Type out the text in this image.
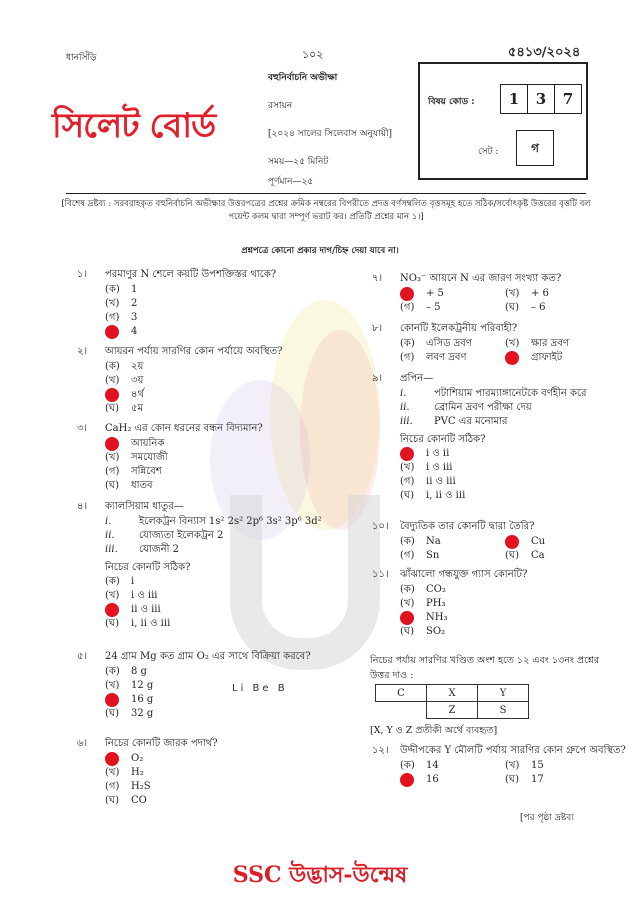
ধানসিঁড়ি	১০২	৫৪১৩/২০২৪
সিলেট বোর্ড
বহুনির্বাচনি অভীক্ষা
রসায়ন
[২০২৪ সালের সিলেবাস অনুযায়ী]
সময়—২৫ মিনিট
পূর্ণমান—২৫
বিষয় কোড :	1 3 7
সেট :	গ
[বিশেষ দ্রষ্টব্য : সরবরাহকৃত বহুনির্বাচনি অভীক্ষার উত্তরপত্রের প্রশ্নের ক্রমিক নম্বরের বিপরীতে প্রদত্ত বর্ণসম্বলিত বৃত্তসমূহ হতে সঠিক/সর্বোৎকৃষ্ট উত্তরের বৃত্তটি বল পয়েন্ট কলম দ্বারা সম্পূর্ণ ভরাট কর। প্রতিটি প্রশ্নের মান ১।]
প্রশ্নপত্রে কোনো প্রকার দাগ/চিহ্ন দেয়া যাবে না।
১। পরমাণুর N শেলে কয়টি উপশক্তিস্তর থাকে?
(ক)	1
(খ)	2
(গ)	3
4
২। আয়রন পর্যায় সারণির কোন পর্যায়ে অবস্থিত?
(ক)	২য়
(খ)	৩য়
৪র্থ
(ঘ)	৫ম
৩। CaH₂ এর কোন ধরনের বন্ধন বিদ্যমান?
আয়নিক
(খ)	সমযোজী
(গ)	সন্নিবেশ
(ঘ)	ধাতব
৪। ক্যালসিয়াম ধাতুর—
i.	ইলেকট্রন বিন্যাস 1s² 2s² 2p⁶ 3s² 3p⁶ 3d²
ii.	যোজ্যতা ইলেকট্রন 2
iii.	যোজনী 2
নিচের কোনটি সঠিক?
(ক)	i
(খ)	i ও iii
ii ও iii
(ঘ)	i, ii ও iii
৫। 24 গ্রাম Mg কত গ্রাম O₂ এর সাথে বিক্রিয়া করবে?
(ক)	8 g
(খ)	12 g
16 g
(ঘ)	32 g
৬। নিচের কোনটি জারক পদার্থ?
O₂
(খ)	H₂
(গ)	H₂S
(ঘ)	CO
৭। NO₃⁻ আয়নে N এর জারণ সংখ্যা কত?
+ 5	(খ)	+ 6
(গ)	– 5	(ঘ)	– 6
৮। কোনটি ইলেকট্রনীয় পরিবাহী?
(ক)	এসিড দ্রবণ	(খ)	ক্ষার দ্রবণ
(গ)	লবণ দ্রবণ	গ্রাফাইট
৯। প্রপিন—
i.	পটাশিয়াম পারম্যাঙ্গানেটকে বর্ণহীন করে
ii.	ব্রোমিন দ্রবণ পরীক্ষা দেয়
iii.	PVC এর মনোমার
নিচের কোনটি সঠিক?
i ও ii
(খ)	i ও iii
(গ)	ii ও iii
(ঘ)	i, ii ও iii
১০। বৈদ্যুতিক তার কোনটি দ্বারা তৈরি?
(ক)	Na	Cu
(গ)	Sn	(ঘ)	Ca
১১। ঝাঁঝালো গন্ধযুক্ত গ্যাস কোনটি?
(ক)	CO₂
(খ)	PH₃
NH₃
(ঘ)	SO₂
১২। উদ্দীপকের Y মৌলটি পর্যায় সারণির কোন গ্রুপে অবস্থিত?
(ক)	14	(খ)	15
16	(ঘ)	17
নিচের পর্যায় সারণির খণ্ডিত অংশ হতে ১২ এবং ১৩নং প্রশ্নের উত্তর দাও :
C	X	Y
	Z	S
[X, Y ও Z প্রতীকী অর্থে ব্যবহৃত]
Li Be B
[পর পৃষ্ঠা দ্রষ্টব্য
SSC উদ্ভাস-উন্মেষ
